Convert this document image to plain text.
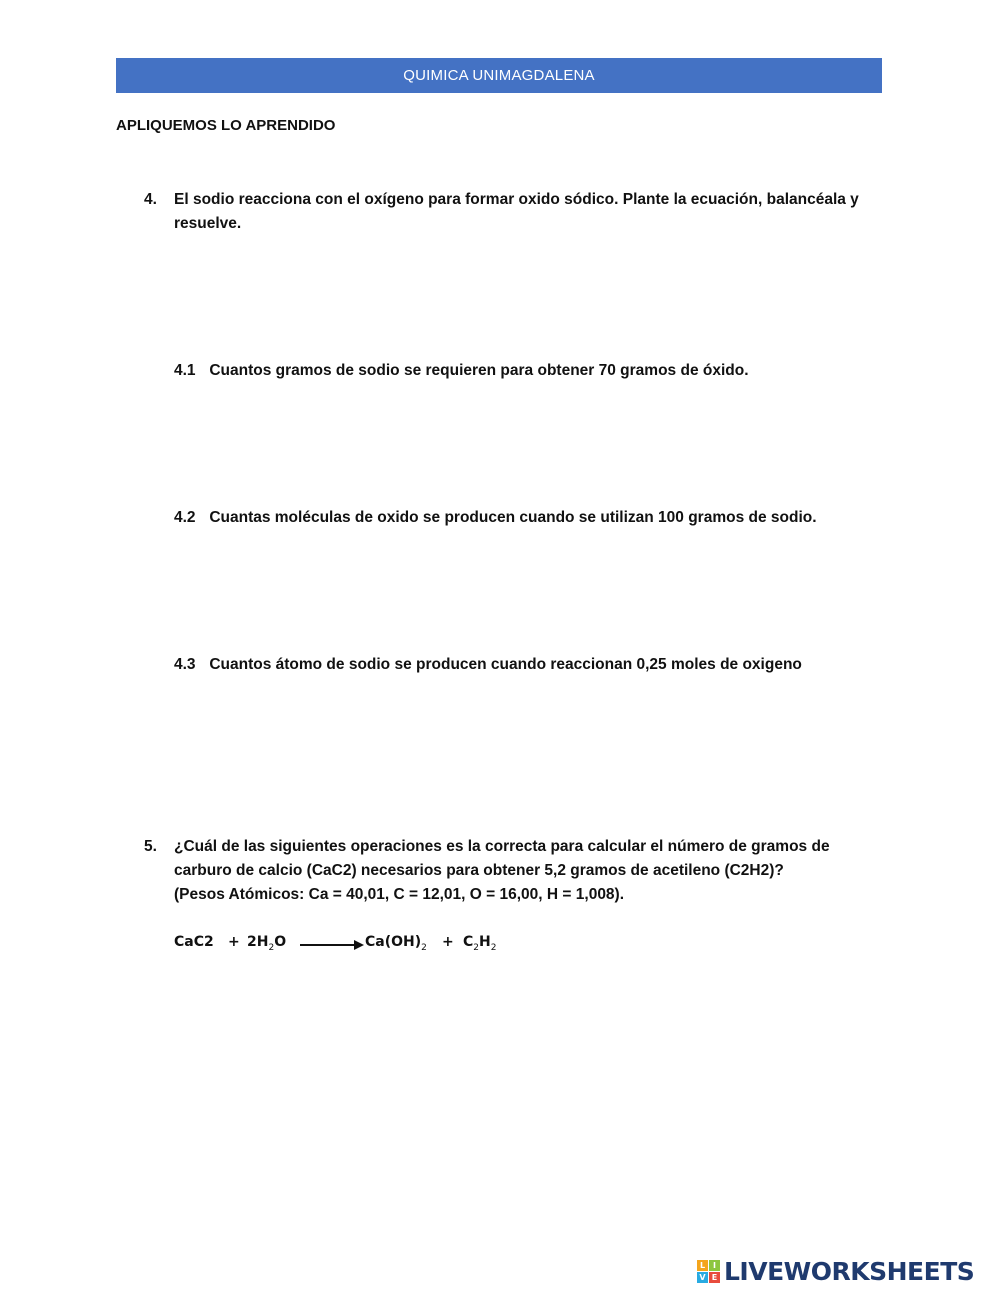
QUIMICA UNIMAGDALENA
APLIQUEMOS LO APRENDIDO
4. El sodio reacciona con el oxígeno para formar oxido sódico. Plante la ecuación, balancéala y
resuelve.
4.1 Cuantos gramos de sodio se requieren para obtener 70 gramos de óxido.
4.2 Cuantas moléculas de oxido se producen cuando se utilizan 100 gramos de sodio.
4.3 Cuantos átomo de sodio se producen cuando reaccionan 0,25 moles de oxigeno
5. ¿Cuál de las siguientes operaciones es la correcta para calcular el número de gramos de
carburo de calcio (CaC2) necesarios para obtener 5,2 gramos de acetileno (C2H2)?
(Pesos Atómicos: Ca = 40,01, C = 12,01, O = 16,00, H = 1,008).
$CaC2 + 2H_2O$	$Ca(OH)_2 + C_2H_2$
L I
V E LIVEWORKSHEETS
